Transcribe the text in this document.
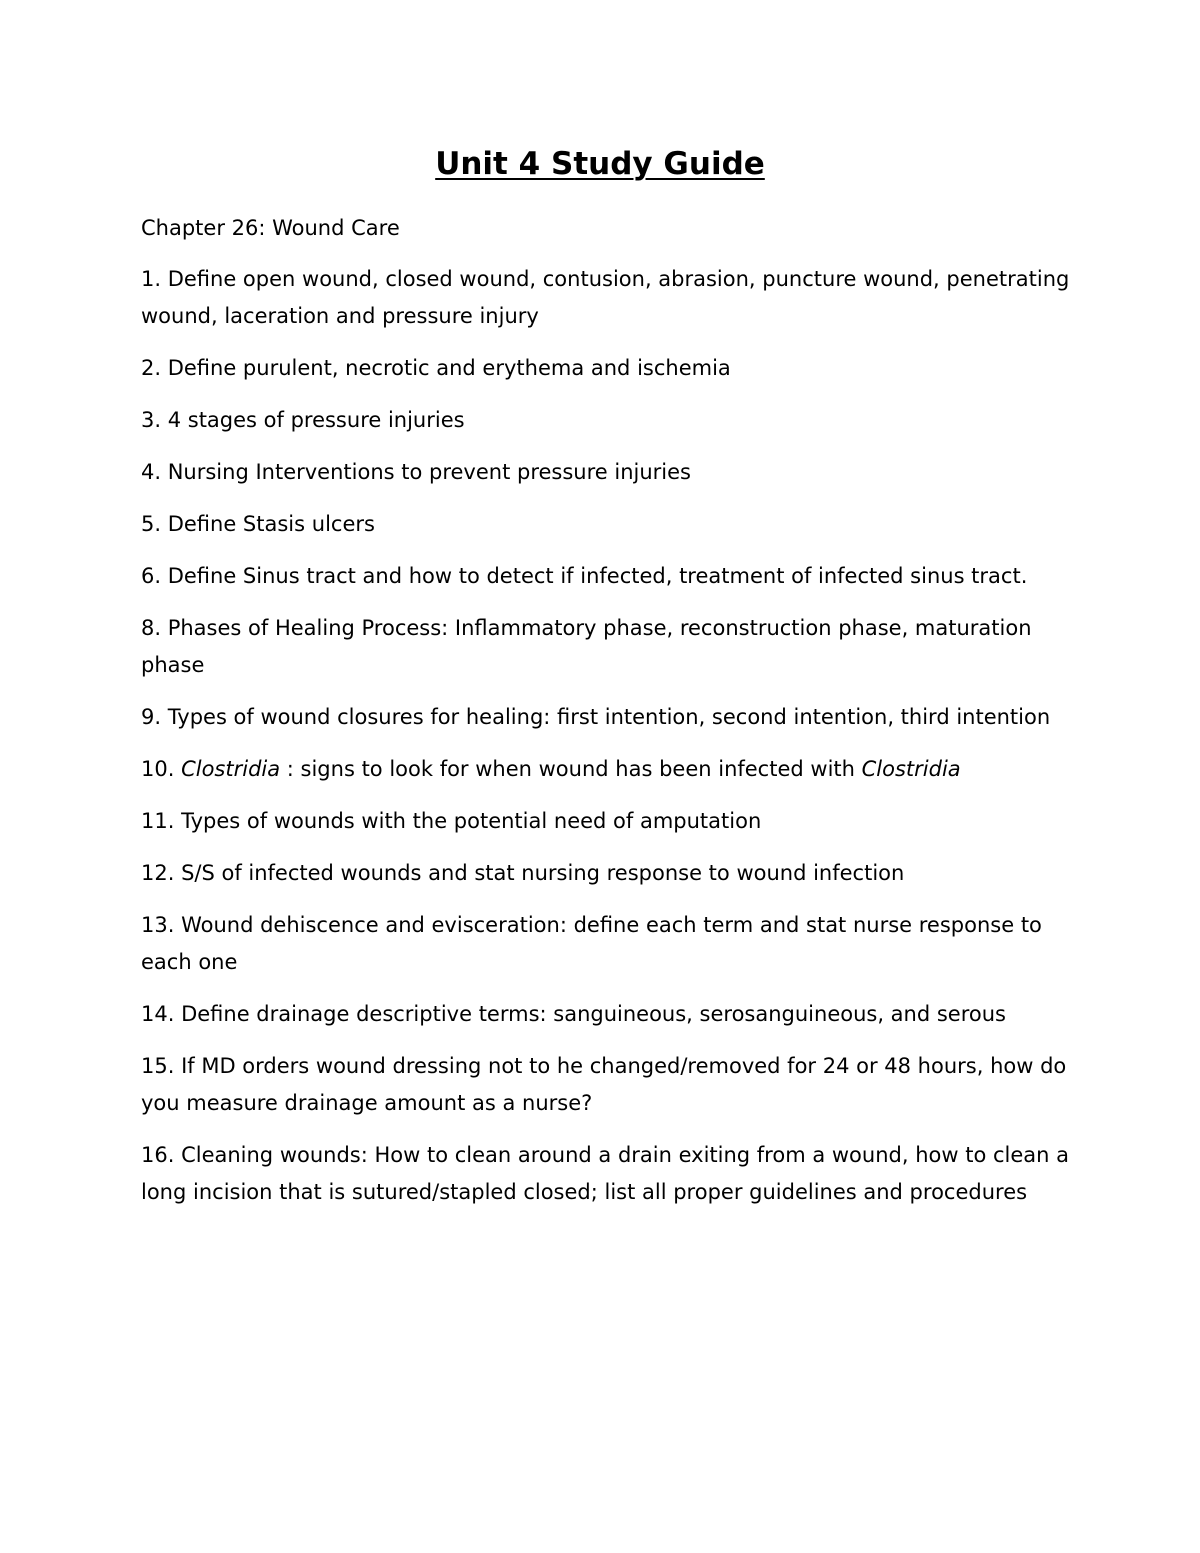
Unit 4 Study Guide

Chapter 26: Wound Care

1. Define open wound, closed wound, contusion, abrasion, puncture wound, penetrating wound, laceration and pressure injury

2. Define purulent, necrotic and erythema and ischemia

3. 4 stages of pressure injuries

4. Nursing Interventions to prevent pressure injuries

5. Define Stasis ulcers

6. Define Sinus tract and how to detect if infected, treatment of infected sinus tract.

8. Phases of Healing Process: Inflammatory phase, reconstruction phase, maturation phase

9. Types of wound closures for healing: first intention, second intention, third intention

10. Clostridia : signs to look for when wound has been infected with Clostridia

11. Types of wounds with the potential need of amputation

12. S/S of infected wounds and stat nursing response to wound infection

13. Wound dehiscence and evisceration: define each term and stat nurse response to each one

14. Define drainage descriptive terms: sanguineous, serosanguineous, and serous

15. If MD orders wound dressing not to he changed/removed for 24 or 48 hours, how do you measure drainage amount as a nurse?

16. Cleaning wounds: How to clean around a drain exiting from a wound, how to clean a long incision that is sutured/stapled closed; list all proper guidelines and procedures
